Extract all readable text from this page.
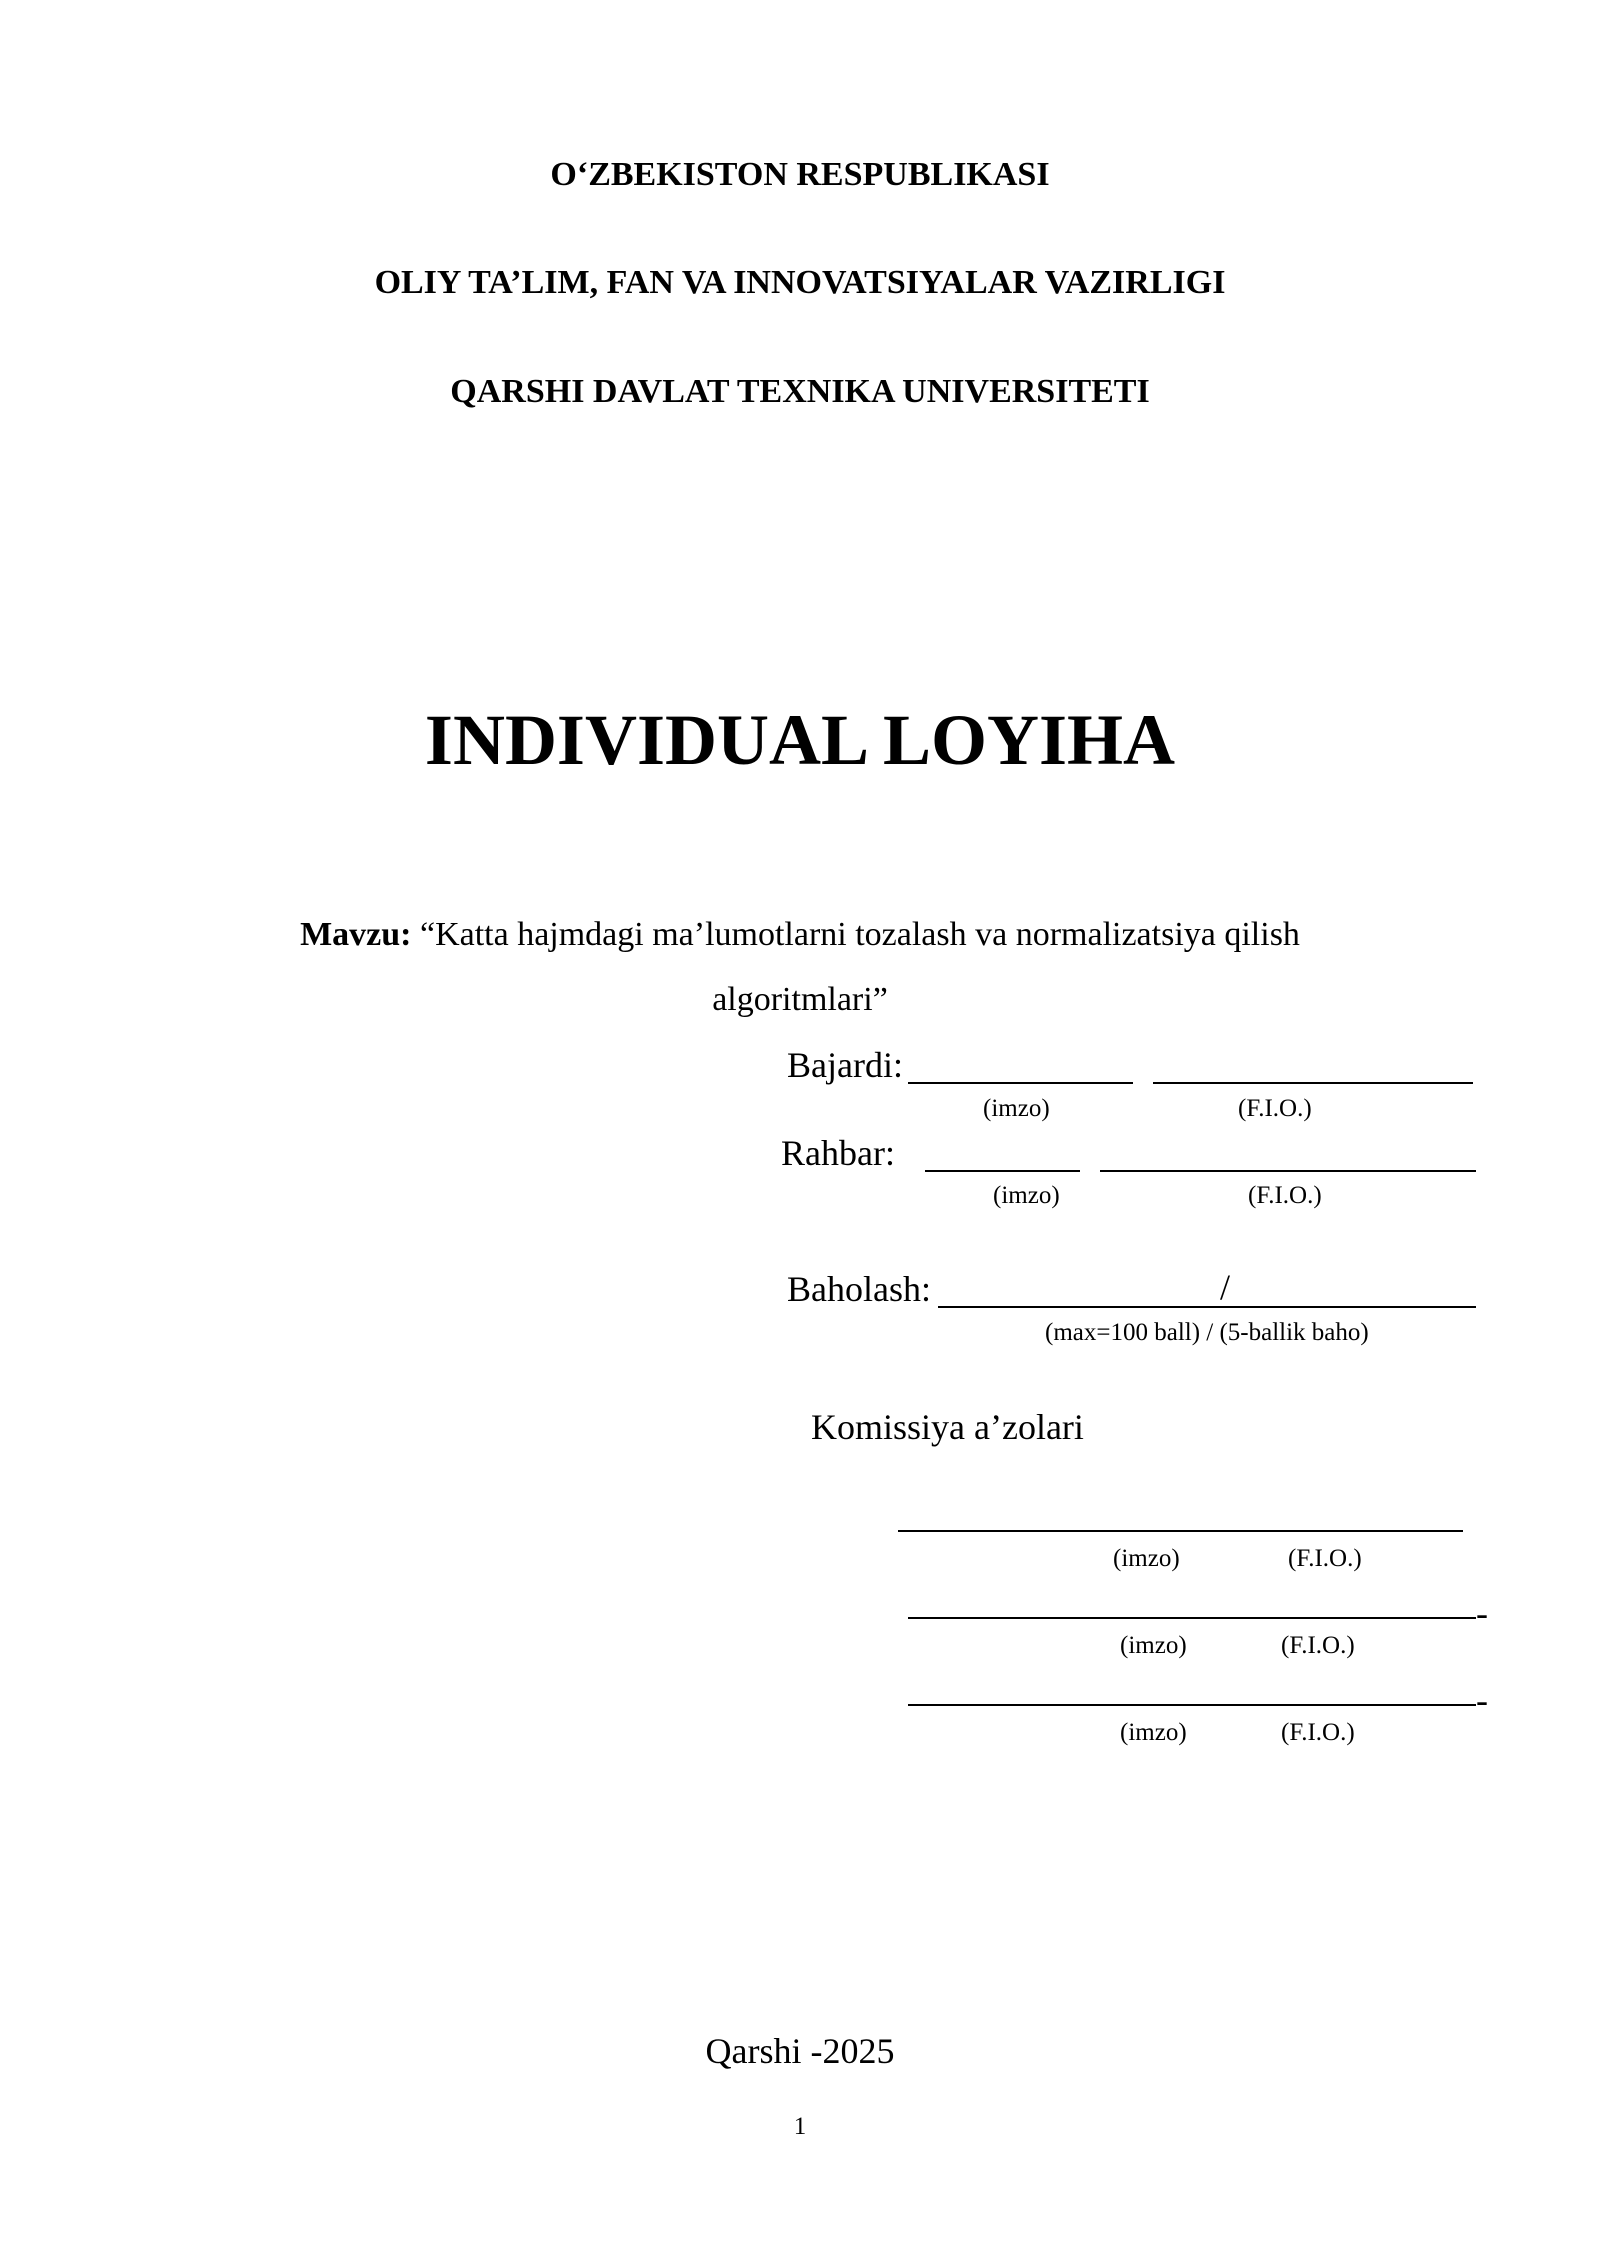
O‘ZBEKISTON RESPUBLIKASI
OLIY TA’LIM, FAN VA INNOVATSIYALAR VAZIRLIGI
QARSHI DAVLAT TEXNIKA UNIVERSITETI
INDIVIDUAL LOYIHA
Mavzu: “Katta hajmdagi ma’lumotlarni tozalash va normalizatsiya qilish
algoritmlari”
Bajardi:
(imzo)	(F.I.O.)
Rahbar:
(imzo)	(F.I.O.)
Baholash:	/
(max=100 ball) / (5-ballik baho)
Komissiya a’zolari
(imzo)	(F.I.O.)
-
(imzo)	(F.I.O.)
-
(imzo)	(F.I.O.)
Qarshi -2025
1
